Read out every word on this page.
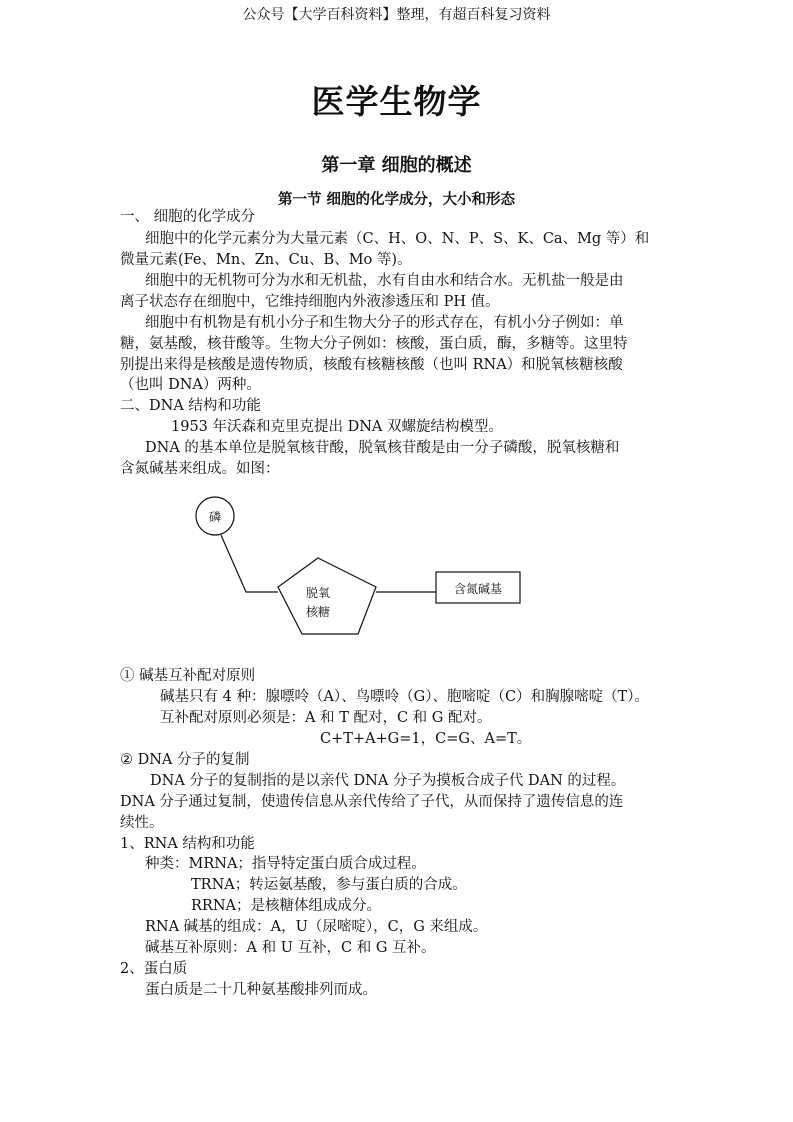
公众号【大学百科资料】整理，有超百科复习资料
医学生物学
第一章 细胞的概述
第一节 细胞的化学成分，大小和形态
一、 细胞的化学成分
细胞中的化学元素分为大量元素（C、H、O、N、P、S、K、Ca、Mg 等）和
微量元素(Fe、Mn、Zn、Cu、B、Mo 等)。
细胞中的无机物可分为水和无机盐，水有自由水和结合水。无机盐一般是由
离子状态存在细胞中，它维持细胞内外液渗透压和 PH 值。
细胞中有机物是有机小分子和生物大分子的形式存在，有机小分子例如：单
糖，氨基酸，核苷酸等。生物大分子例如：核酸，蛋白质，酶，多糖等。这里特
别提出来得是核酸是遗传物质，核酸有核糖核酸（也叫 RNA）和脱氧核糖核酸
（也叫 DNA）两种。
二、DNA 结构和功能
1953 年沃森和克里克提出 DNA 双螺旋结构模型。
DNA 的基本单位是脱氧核苷酸，脱氧核苷酸是由一分子磷酸，脱氧核糖和
含氮碱基来组成。如图：
磷
脱氧
核糖
含氮碱基
① 碱基互补配对原则
碱基只有 4 种：腺嘌呤（A）、鸟嘌呤（G）、胞嘧啶（C）和胸腺嘧啶（T）。
互补配对原则必须是：A 和 T 配对，C 和 G 配对。
C+T+A+G=1，C=G、A=T。
② DNA 分子的复制
DNA 分子的复制指的是以亲代 DNA 分子为摸板合成子代 DAN 的过程。
DNA 分子通过复制，使遗传信息从亲代传给了子代，从而保持了遗传信息的连
续性。
1、RNA 结构和功能
种类：MRNA；指导特定蛋白质合成过程。
TRNA；转运氨基酸，参与蛋白质的合成。
RRNA；是核糖体组成成分。
RNA 碱基的组成：A，U（尿嘧啶），C，G 来组成。
碱基互补原则：A 和 U 互补，C 和 G 互补。
2、蛋白质
蛋白质是二十几种氨基酸排列而成。
